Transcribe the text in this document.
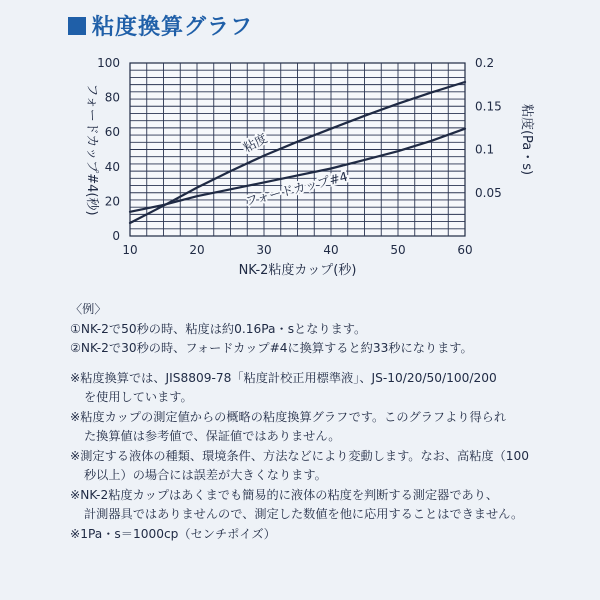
粘度換算グラフ
10	20	30	40	50	60
0
20
40
60
80
100
0.05
0.1
0.15
0.2
NK-2粘度カップ(秒)
フォードカップ#4(秒)	粘度(Pa・s)
粘度
フォードカップ#4
〈例〉
①NK-2で50秒の時、粘度は約0.16Pa・sとなります。
②NK-2で30秒の時、フォードカップ#4に換算すると約33秒になります。
※粘度換算では、JIS8809-78「粘度計校正用標準液」、JS-10/20/50/100/200
を使用しています。
※粘度カップの測定値からの概略の粘度換算グラフです。このグラフより得られ
た換算値は参考値で、保証値ではありません。
※測定する液体の種類、環境条件、方法などにより変動します。なお、高粘度（100
秒以上）の場合には誤差が大きくなります。
※NK-2粘度カップはあくまでも簡易的に液体の粘度を判断する測定器であり、
計測器具ではありませんので、測定した数値を他に応用することはできません。
※1Pa・s＝1000cp（センチポイズ）
